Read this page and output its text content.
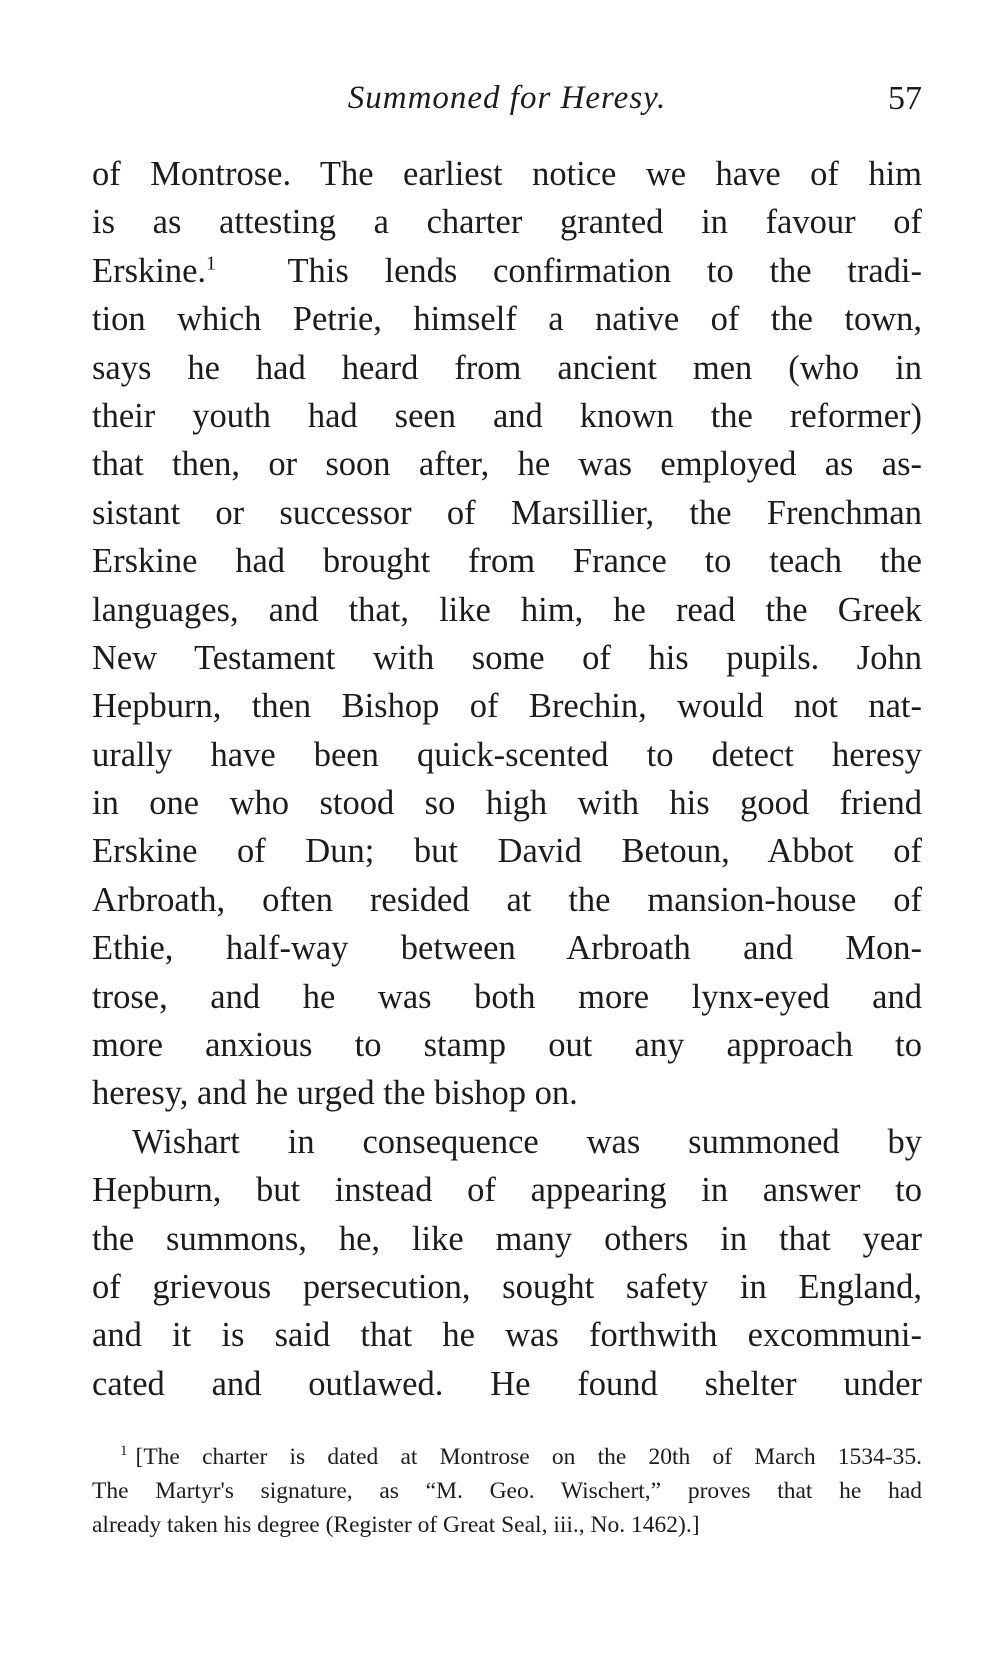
Summoned for Heresy.	57
of Montrose. The earliest notice we have of him
is as attesting a charter granted in favour of
Erskine.$^1$ This lends confirmation to the tradi-
tion which Petrie, himself a native of the town,
says he had heard from ancient men (who in
their youth had seen and known the reformer)
that then, or soon after, he was employed as as-
sistant or successor of Marsillier, the Frenchman
Erskine had brought from France to teach the
languages, and that, like him, he read the Greek
New Testament with some of his pupils. John
Hepburn, then Bishop of Brechin, would not nat-
urally have been quick-scented to detect heresy
in one who stood so high with his good friend
Erskine of Dun; but David Betoun, Abbot of
Arbroath, often resided at the mansion-house of
Ethie, half-way between Arbroath and Mon-
trose, and he was both more lynx-eyed and
more anxious to stamp out any approach to
heresy, and he urged the bishop on.
Wishart in consequence was summoned by
Hepburn, but instead of appearing in answer to
the summons, he, like many others in that year
of grievous persecution, sought safety in England,
and it is said that he was forthwith excommuni-
cated and outlawed. He found shelter under
$^1$ [The charter is dated at Montrose on the 20th of March 1534-35.
The Martyr's signature, as “M. Geo. Wischert,” proves that he had
already taken his degree (Register of Great Seal, iii., No. 1462).]
